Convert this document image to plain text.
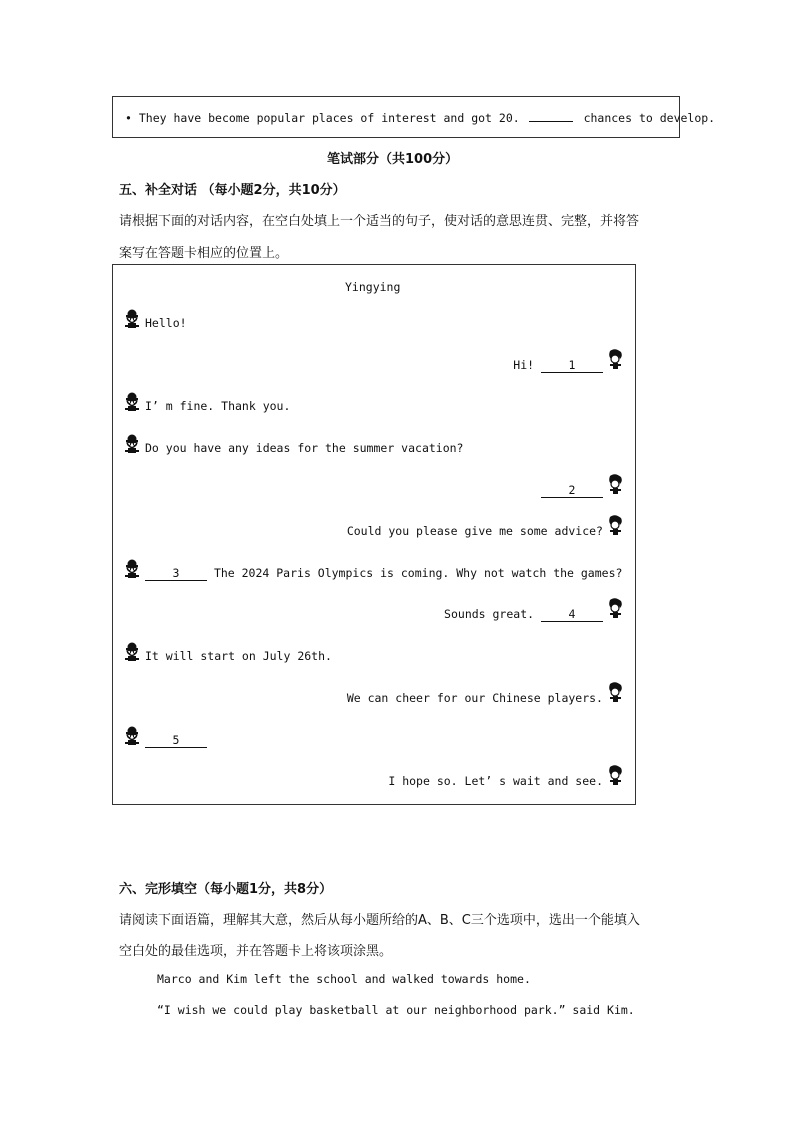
• They have become popular places of interest and got 20.	chances to develop.
笔试部分（共100分）
五、补全对话 （每小题2分，共10分）
请根据下面的对话内容，在空白处填上一个适当的句子，使对话的意思连贯、完整，并将答
案写在答题卡相应的位置上。
Yingying
Hello!
Hi!	1
I’ m fine. Thank you.
Do you have any ideas for the summer vacation?
2
Could you please give me some advice?
3	The 2024 Paris Olympics is coming. Why not watch the games?
Sounds great.	4
It will start on July 26th.
We can cheer for our Chinese players.
5
I hope so. Let’ s wait and see.
六、完形填空（每小题1分，共8分）
请阅读下面语篇，理解其大意，然后从每小题所给的A、B、C三个选项中，选出一个能填入
空白处的最佳选项，并在答题卡上将该项涂黑。
Marco and Kim left the school and walked towards home.
“I wish we could play basketball at our neighborhood park.” said Kim.
